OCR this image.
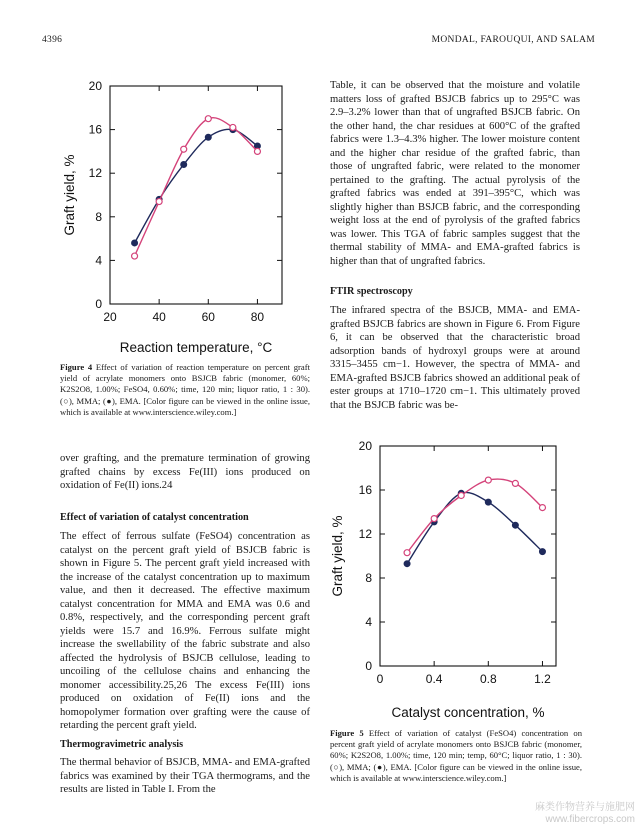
4396	MONDAL, FAROUQUI, AND SALAM
20	40	60	80
0
4
8
12
16
20
Reaction temperature, °C
Graft yield, %
Figure 4 Effect of variation of reaction temperature on percent graft yield of acrylate monomers onto BSJCB fabric (monomer, 60%; K2S2O8, 1.00%; FeSO4, 0.60%; time, 120 min; liquor ratio, 1 : 30). (○), MMA; (●), EMA. [Color figure can be viewed in the online issue, which is available at www.interscience.wiley.com.]

over grafting, and the premature termination of growing grafted chains by excess Fe(III) ions produced on oxidation of Fe(II) ions.24

Effect of variation of catalyst concentration

The effect of ferrous sulfate (FeSO4) concentration as catalyst on the percent graft yield of BSJCB fabric is shown in Figure 5. The percent graft yield increased with the increase of the catalyst concentration up to maximum value, and then it decreased. The effective maximum catalyst concentration for MMA and EMA was 0.6 and 0.8%, respectively, and the corresponding percent graft yields were 15.7 and 16.9%. Ferrous sulfate might increase the swellability of the fabric substrate and also affected the hydrolysis of BSJCB cellulose, leading to uncoiling of the cellulose chains and enhancing the monomer accessibility.25,26 The excess Fe(III) ions produced on oxidation of Fe(II) ions and the homopolymer formation over grafting were the cause of retarding the percent graft yield.

Thermogravimetric analysis

The thermal behavior of BSJCB, MMA- and EMA-grafted fabrics was examined by their TGA thermograms, and the results are listed in Table I. From the

Table, it can be observed that the moisture and volatile matters loss of grafted BSJCB fabrics up to 295°C was 2.9–3.2% lower than that of ungrafted BSJCB fabric. On the other hand, the char residues at 600°C of the grafted fabrics were 1.3–4.3% higher. The lower moisture content and the higher char residue of the grafted fabric, than those of ungrafted fabric, were related to the monomer pertained to the grafting. The actual pyrolysis of the grafted fabrics was ended at 391–395°C, which was slightly higher than BSJCB fabric, and the corresponding weight loss at the end of pyrolysis of the grafted fabrics was lower. This TGA of fabric samples suggest that the thermal stability of MMA- and EMA-grafted fabrics is higher than that of ungrafted fabrics.

FTIR spectroscopy

The infrared spectra of the BSJCB, MMA- and EMA-grafted BSJCB fabrics are shown in Figure 6. From Figure 6, it can be observed that the characteristic broad adsorption bands of hydroxyl groups were at around 3315–3455 cm−1. However, the spectra of MMA- and EMA-grafted BSJCB fabrics showed an additional peak of ester groups at 1710–1720 cm−1. This ultimately proved that the BSJCB fabric was be-

0	0.4	0.8	1.2
0
4
8
12
16
20
Catalyst concentration, %
Graft yield, %
Figure 5 Effect of variation of catalyst (FeSO4) concentration on percent graft yield of acrylate monomers onto BSJCB fabric (monomer, 60%; K2S2O8, 1.00%; time, 120 min; temp, 60°C; liquor ratio, 1 : 30). (○), MMA; (●), EMA. [Color figure can be viewed in the online issue, which is available at www.interscience.wiley.com.]
麻类作物营养与施肥网
www.fibercrops.com
